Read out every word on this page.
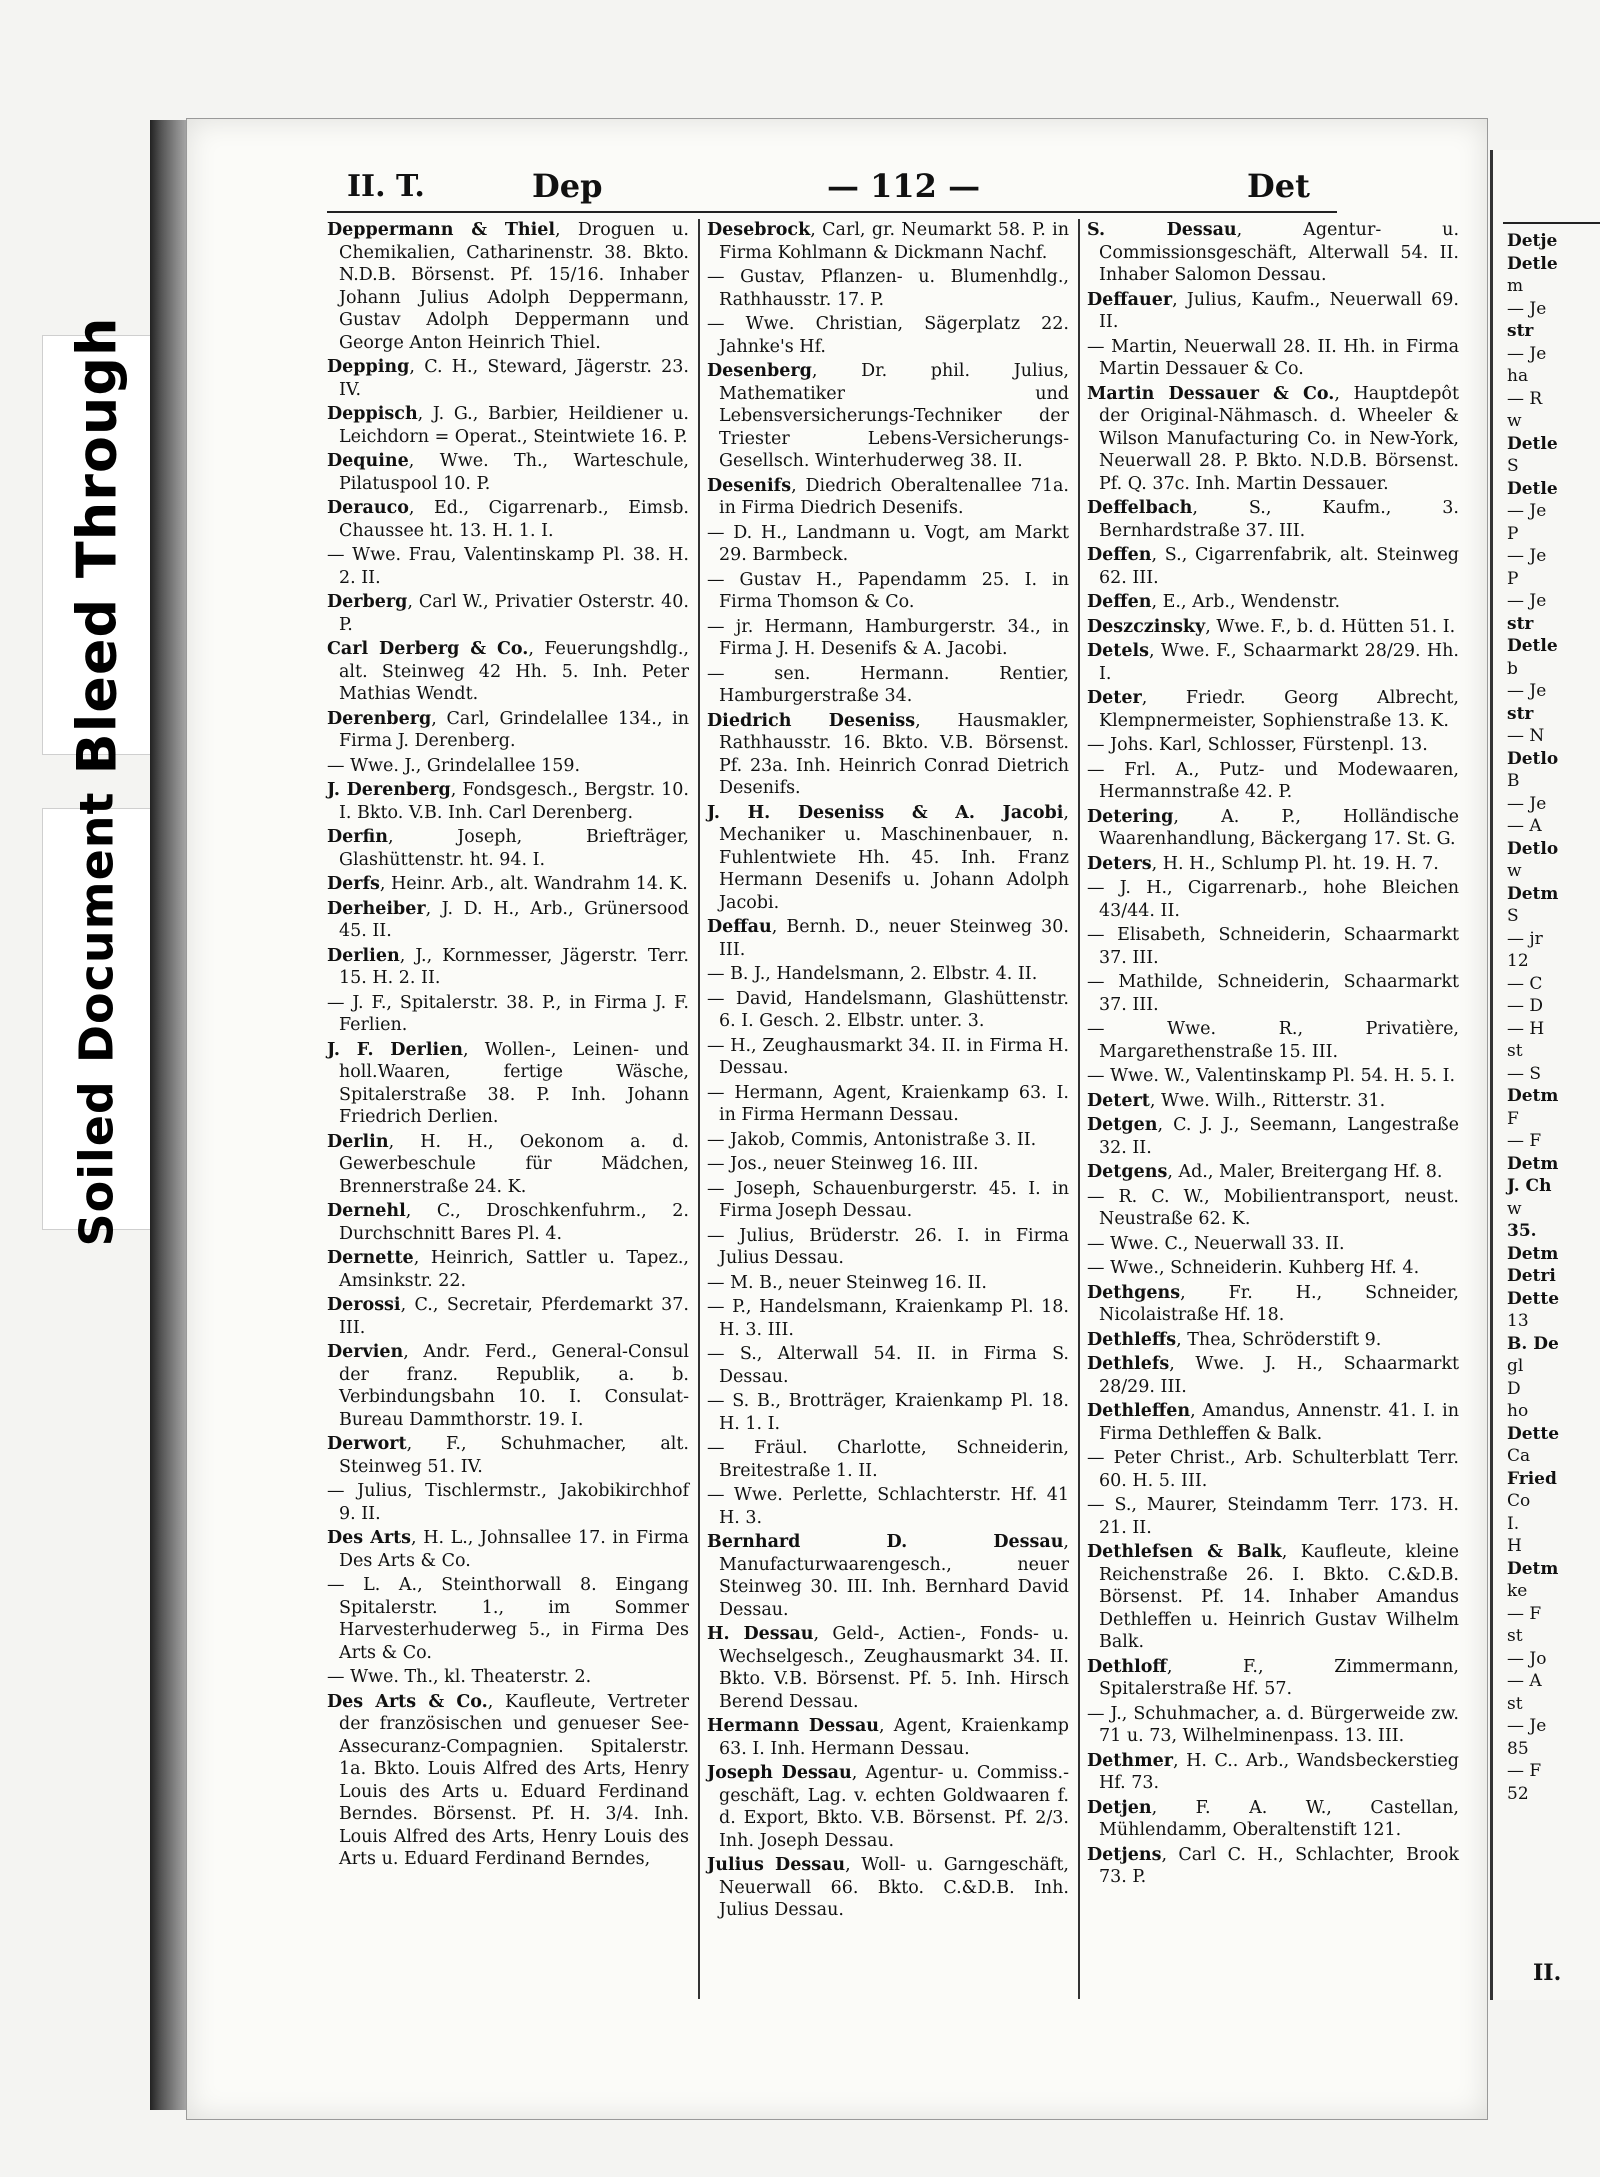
Bleed Through
Soiled Document
II. T.	Dep	— 112 —	Det

Deppermann & Thiel, Droguen u. Chemikalien, Catharinenstr. 38. Bkto. N.D.B. Börsenst. Pf. 15/16. Inhaber Johann Julius Adolph Deppermann, Gustav Adolph Deppermann und George Anton Heinrich Thiel.

Depping, C. H., Steward, Jägerstr. 23. IV.

Deppisch, J. G., Barbier, Heildiener u. Leichdorn = Operat., Steintwiete 16. P.

Dequine, Wwe. Th., Warteschule, Pilatuspool 10. P.

Derauco, Ed., Cigarrenarb., Eimsb. Chaussee ht. 13. H. 1. I.

— Wwe. Frau, Valentinskamp Pl. 38. H. 2. II.

Derberg, Carl W., Privatier Osterstr. 40. P.

Carl Derberg & Co., Feuerungshdlg., alt. Steinweg 42 Hh. 5. Inh. Peter Mathias Wendt.

Derenberg, Carl, Grindelallee 134., in Firma J. Derenberg.

— Wwe. J., Grindelallee 159.

J. Derenberg, Fondsgesch., Bergstr. 10. I. Bkto. V.B. Inh. Carl Derenberg.

Derfin, Joseph, Briefträger, Glashüttenstr. ht. 94. I.

Derfs, Heinr. Arb., alt. Wandrahm 14. K.

Derheiber, J. D. H., Arb., Grünersood 45. II.

Derlien, J., Kornmesser, Jägerstr. Terr. 15. H. 2. II.

— J. F., Spitalerstr. 38. P., in Firma J. F. Ferlien.

J. F. Derlien, Wollen-, Leinen- und holl.Waaren, fertige Wäsche, Spitalerstraße 38. P. Inh. Johann Friedrich Derlien.

Derlin, H. H., Oekonom a. d. Gewerbeschule für Mädchen, Brennerstraße 24. K.

Dernehl, C., Droschkenfuhrm., 2. Durchschnitt Bares Pl. 4.

Dernette, Heinrich, Sattler u. Tapez., Amsinkstr. 22.

Derossi, C., Secretair, Pferdemarkt 37. III.

Dervien, Andr. Ferd., General-Consul der franz. Republik, a. b. Verbindungsbahn 10. I. Consulat-Bureau Dammthorstr. 19. I.

Derwort, F., Schuhmacher, alt. Steinweg 51. IV.

— Julius, Tischlermstr., Jakobikirchhof 9. II.

Des Arts, H. L., Johnsallee 17. in Firma Des Arts & Co.

— L. A., Steinthorwall 8. Eingang Spitalerstr. 1., im Sommer Harvesterhuderweg 5., in Firma Des Arts & Co.

— Wwe. Th., kl. Theaterstr. 2.

Des Arts & Co., Kaufleute, Vertreter der französischen und genueser See-Assecuranz-Compagnien. Spitalerstr. 1a. Bkto. Louis Alfred des Arts, Henry Louis des Arts u. Eduard Ferdinand Berndes. Börsenst. Pf. H. 3/4. Inh. Louis Alfred des Arts, Henry Louis des Arts u. Eduard Ferdinand Berndes,

Desebrock, Carl, gr. Neumarkt 58. P. in Firma Kohlmann & Dickmann Nachf.

— Gustav, Pflanzen- u. Blumenhdlg., Rathhausstr. 17. P.

— Wwe. Christian, Sägerplatz 22. Jahnke's Hf.

Desenberg, Dr. phil. Julius, Mathematiker und Lebensversicherungs-Techniker der Triester Lebens-Versicherungs-Gesellsch. Winterhuderweg 38. II.

Desenifs, Diedrich Oberaltenallee 71a. in Firma Diedrich Desenifs.

— D. H., Landmann u. Vogt, am Markt 29. Barmbeck.

— Gustav H., Papendamm 25. I. in Firma Thomson & Co.

— jr. Hermann, Hamburgerstr. 34., in Firma J. H. Desenifs & A. Jacobi.

— sen. Hermann. Rentier, Hamburgerstraße 34.

Diedrich Deseniss, Hausmakler, Rathhausstr. 16. Bkto. V.B. Börsenst. Pf. 23a. Inh. Heinrich Conrad Dietrich Desenifs.

J. H. Deseniss & A. Jacobi, Mechaniker u. Maschinenbauer, n. Fuhlentwiete Hh. 45. Inh. Franz Hermann Desenifs u. Johann Adolph Jacobi.

Deffau, Bernh. D., neuer Steinweg 30. III.

— B. J., Handelsmann, 2. Elbstr. 4. II.

— David, Handelsmann, Glashüttenstr. 6. I. Gesch. 2. Elbstr. unter. 3.

— H., Zeughausmarkt 34. II. in Firma H. Dessau.

— Hermann, Agent, Kraienkamp 63. I. in Firma Hermann Dessau.

— Jakob, Commis, Antonistraße 3. II.

— Jos., neuer Steinweg 16. III.

— Joseph, Schauenburgerstr. 45. I. in Firma Joseph Dessau.

— Julius, Brüderstr. 26. I. in Firma Julius Dessau.

— M. B., neuer Steinweg 16. II.

— P., Handelsmann, Kraienkamp Pl. 18. H. 3. III.

— S., Alterwall 54. II. in Firma S. Dessau.

— S. B., Brotträger, Kraienkamp Pl. 18. H. 1. I.

— Fräul. Charlotte, Schneiderin, Breitestraße 1. II.

— Wwe. Perlette, Schlachterstr. Hf. 41 H. 3.

Bernhard D. Dessau, Manufacturwaarengesch., neuer Steinweg 30. III. Inh. Bernhard David Dessau.

H. Dessau, Geld-, Actien-, Fonds- u. Wechselgesch., Zeughausmarkt 34. II. Bkto. V.B. Börsenst. Pf. 5. Inh. Hirsch Berend Dessau.

Hermann Dessau, Agent, Kraienkamp 63. I. Inh. Hermann Dessau.

Joseph Dessau, Agentur- u. Commiss.-geschäft, Lag. v. echten Goldwaaren f. d. Export, Bkto. V.B. Börsenst. Pf. 2/3. Inh. Joseph Dessau.

Julius Dessau, Woll- u. Garngeschäft, Neuerwall 66. Bkto. C.&D.B. Inh. Julius Dessau.

S. Dessau, Agentur- u. Commissionsgeschäft, Alterwall 54. II. Inhaber Salomon Dessau.

Deffauer, Julius, Kaufm., Neuerwall 69. II.

— Martin, Neuerwall 28. II. Hh. in Firma Martin Dessauer & Co.

Martin Dessauer & Co., Hauptdepôt der Original-Nähmasch. d. Wheeler & Wilson Manufacturing Co. in New-York, Neuerwall 28. P. Bkto. N.D.B. Börsenst. Pf. Q. 37c. Inh. Martin Dessauer.

Deffelbach, S., Kaufm., 3. Bernhardstraße 37. III.

Deffen, S., Cigarrenfabrik, alt. Steinweg 62. III.

Deffen, E., Arb., Wendenstr.

Deszczinsky, Wwe. F., b. d. Hütten 51. I.

Detels, Wwe. F., Schaarmarkt 28/29. Hh. I.

Deter, Friedr. Georg Albrecht, Klempnermeister, Sophienstraße 13. K.

— Johs. Karl, Schlosser, Fürstenpl. 13.

— Frl. A., Putz- und Modewaaren, Hermannstraße 42. P.

Detering, A. P., Holländische Waarenhandlung, Bäckergang 17. St. G.

Deters, H. H., Schlump Pl. ht. 19. H. 7.

— J. H., Cigarrenarb., hohe Bleichen 43/44. II.

— Elisabeth, Schneiderin, Schaarmarkt 37. III.

— Mathilde, Schneiderin, Schaarmarkt 37. III.

— Wwe. R., Privatière, Margarethenstraße 15. III.

— Wwe. W., Valentinskamp Pl. 54. H. 5. I.

Detert, Wwe. Wilh., Ritterstr. 31.

Detgen, C. J. J., Seemann, Langestraße 32. II.

Detgens, Ad., Maler, Breitergang Hf. 8.

— R. C. W., Mobilientransport, neust. Neustraße 62. K.

— Wwe. C., Neuerwall 33. II.

— Wwe., Schneiderin. Kuhberg Hf. 4.

Dethgens, Fr. H., Schneider, Nicolaistraße Hf. 18.

Dethleffs, Thea, Schröderstift 9.

Dethlefs, Wwe. J. H., Schaarmarkt 28/29. III.

Dethleffen, Amandus, Annenstr. 41. I. in Firma Dethleffen & Balk.

— Peter Christ., Arb. Schulterblatt Terr. 60. H. 5. III.

— S., Maurer, Steindamm Terr. 173. H. 21. II.

Dethlefsen & Balk, Kaufleute, kleine Reichenstraße 26. I. Bkto. C.&D.B. Börsenst. Pf. 14. Inhaber Amandus Dethleffen u. Heinrich Gustav Wilhelm Balk.

Dethloff, F., Zimmermann, Spitalerstraße Hf. 57.

— J., Schuhmacher, a. d. Bürgerweide zw. 71 u. 73, Wilhelminenpass. 13. III.

Dethmer, H. C.. Arb., Wandsbeckerstieg Hf. 73.

Detjen, F. A. W., Castellan, Mühlendamm, Oberaltenstift 121.

Detjens, Carl C. H., Schlachter, Brook 73. P.

Detje

Detle

m

— Je

str

— Je

ha

— R

w

Detle

S

Detle

— Je

P

— Je

P

— Je

str

Detle

b

— Je

str

— N

Detlo

B

— Je

— A

Detlo

w

Detm

S

— jr

12

— C

— D

— H

st

— S

Detm

F

— F

Detm

J. Ch

w

35.

Detm

Detri

Dette

13

B. De

gl

D

ho

Dette

Ca

Fried

Co

I.

H

Detm

ke

— F

st

— Jo

— A

st

— Je

85

— F

52

II.
